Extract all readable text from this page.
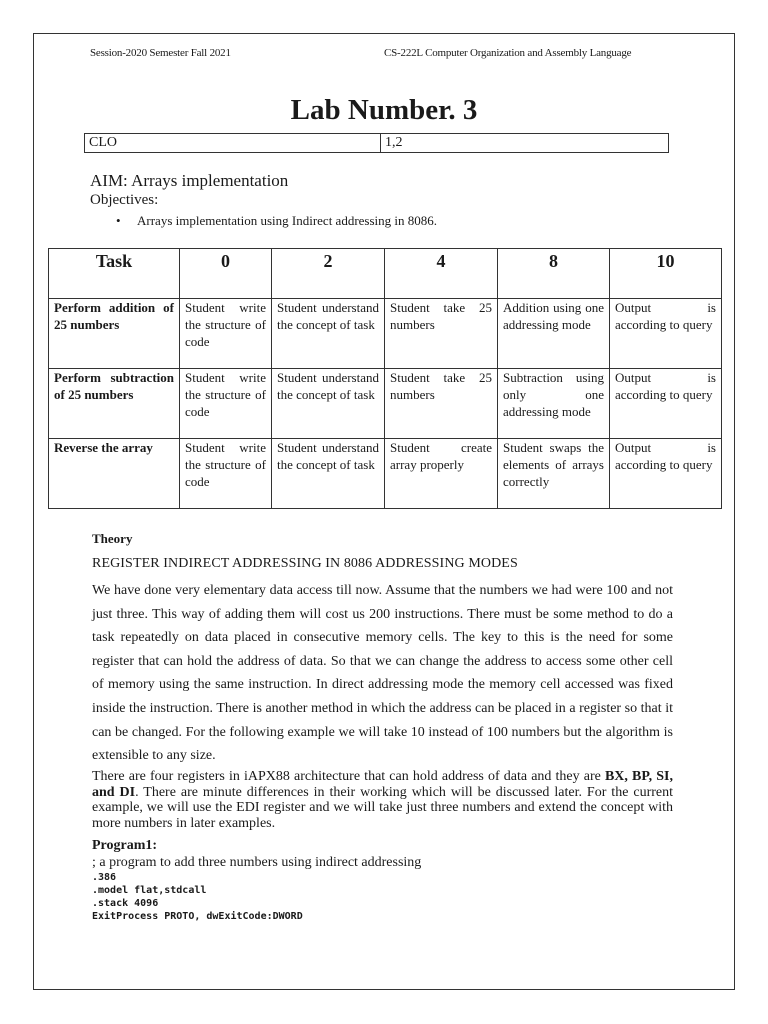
Session-2020 Semester Fall 2021	CS-222L Computer Organization and Assembly Language
Lab Number. 3
CLO	1,2
AIM: Arrays implementation
Objectives:
• Arrays implementation using Indirect addressing in 8086.
Task	0	2	4	8	10
Perform addition of 25 numbers	Student write the structure of code	Student understand the concept of task	Student take 25 numbers	Addition using one addressing mode	Output is according to query
Perform subtraction of 25 numbers	Student write the structure of code	Student understand the concept of task	Student take 25 numbers	Subtraction using only one addressing mode	Output is according to query
Reverse the array	Student write the structure of code	Student understand the concept of task	Student create array properly	Student swaps the elements of arrays correctly	Output is according to query
Theory
REGISTER INDIRECT ADDRESSING IN 8086 ADDRESSING MODES
We have done very elementary data access till now. Assume that the numbers we had were 100 and not just three. This way of adding them will cost us 200 instructions. There must be some method to do a task repeatedly on data placed in consecutive memory cells. The key to this is the need for some register that can hold the address of data. So that we can change the address to access some other cell of memory using the same instruction. In direct addressing mode the memory cell accessed was fixed inside the instruction. There is another method in which the address can be placed in a register so that it can be changed. For the following example we will take 10 instead of 100 numbers but the algorithm is extensible to any size.
There are four registers in iAPX88 architecture that can hold address of data and they are BX, BP, SI, and DI. There are minute differences in their working which will be discussed later. For the current example, we will use the EDI register and we will take just three numbers and extend the concept with more numbers in later examples.
Program1:
; a program to add three numbers using indirect addressing
.386
.model flat,stdcall
.stack 4096
ExitProcess PROTO, dwExitCode:DWORD
